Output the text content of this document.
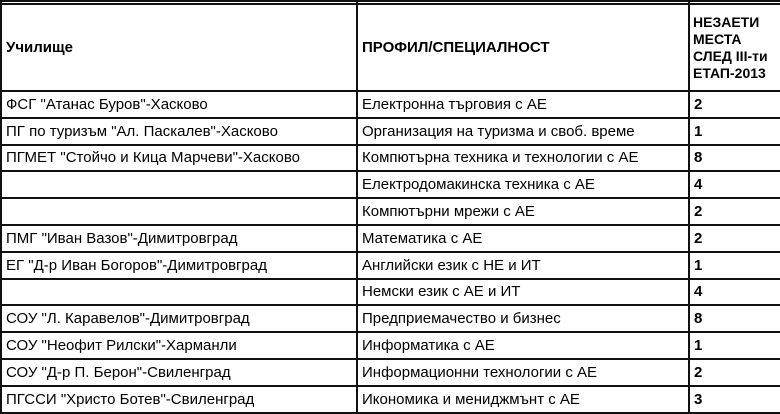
Училище	ПРОФИЛ/СПЕЦИАЛНОСТ	НЕЗАЕТИ
МЕСТА
СЛЕД III-ти
ЕТАП-2013

ФСГ "Атанас Буров"-Хасково	Електронна търговия с АЕ	2
ПГ по туризъм "Ал. Паскалев"-Хасково	Организация на туризма и своб. време	1
ПГМЕТ "Стойчо и Кица Марчеви"-Хасково	Компютърна техника и технологии с АЕ	8
	Електродомакинска техника с АЕ	4
	Компютърни мрежи с АЕ	2
ПМГ "Иван Вазов"-Димитровград	Математика с АЕ	2
ЕГ "Д-р Иван Богоров"-Димитровград	Английски език с НЕ и ИТ	1
	Немски език с АЕ и ИТ	4
СОУ "Л. Каравелов"-Димитровград	Предприемачество и бизнес	8
СОУ "Неофит Рилски"-Харманли	Информатика с АЕ	1
СОУ "Д-р П. Берон"-Свиленград	Информационни технологии с АЕ	2
ПГССИ "Христо Ботев"-Свиленград	Икономика и мениджмънт с АЕ	3
